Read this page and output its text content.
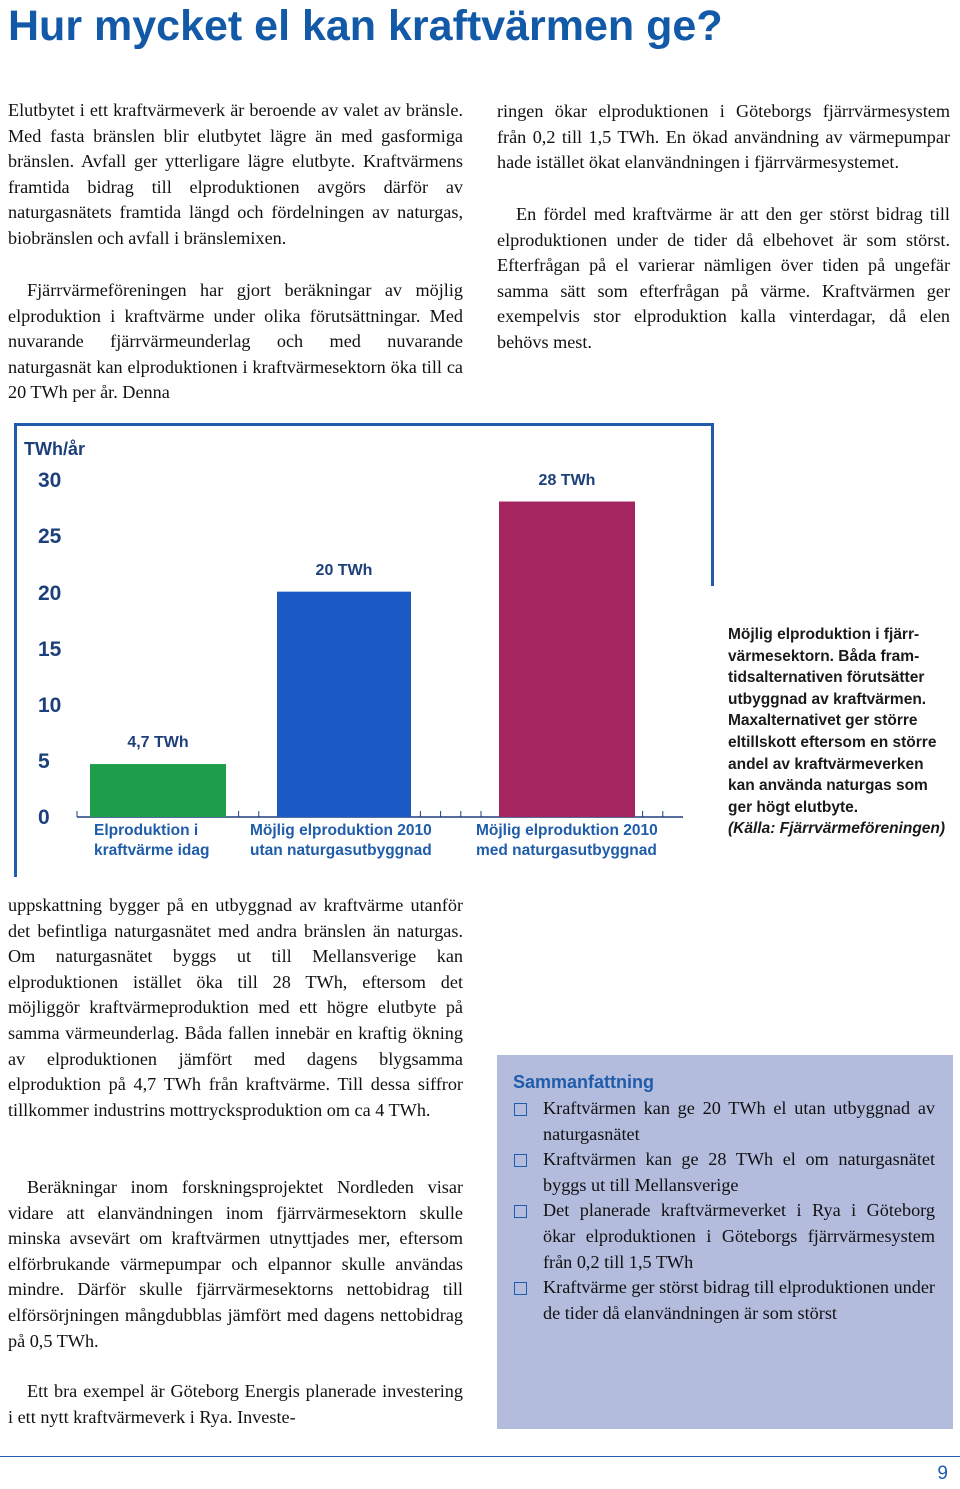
Hur mycket el kan kraftvärmen ge?

Elutbytet i ett kraftvärmeverk är beroende av valet av bränsle. Med fasta bränslen blir elutbytet lägre än med gasformiga bränslen. Avfall ger ytterligare lägre elutbyte. Kraftvärmens framtida bidrag till elproduktionen avgörs därför av naturgasnätets framtida längd och fördelningen av naturgas, biobränslen och avfall i bränslemixen.

Fjärrvärmeföreningen har gjort beräkningar av möjlig elproduktion i kraftvärme under olika förutsättningar. Med nuvarande fjärrvärmeunderlag och med nuvarande naturgasnät kan elproduktionen i kraftvärmesektorn öka till ca 20 TWh per år. Denna

ringen ökar elproduktionen i Göteborgs fjärrvärmesystem från 0,2 till 1,5 TWh. En ökad användning av värmepumpar hade istället ökat elanvändningen i fjärrvärmesystemet.

En fördel med kraftvärme är att den ger störst bidrag till elproduktionen under de tider då elbehovet är som störst. Efterfrågan på el varierar nämligen över tiden på ungefär samma sätt som efterfrågan på värme. Kraftvärmen ger exempelvis stor elproduktion kalla vinterdagar, då elen behövs mest.

TWh/år
0
5
10
15
20
25
30
4,7 TWh
20 TWh
28 TWh
Elproduktion i
kraftvärme idag
Möjlig elproduktion 2010
utan naturgasutbyggnad
Möjlig elproduktion 2010
med naturgasutbyggnad

Möjlig elproduktion i fjärrvärmesektorn. Båda framtidsalternativen förutsätter utbyggnad av kraftvärmen. Maxalternativet ger större eltillskott eftersom en större andel av kraftvärmeverken kan använda naturgas som ger högt elutbyte.
(Källa: Fjärrvärmeföreningen)

uppskattning bygger på en utbyggnad av kraftvärme utanför det befintliga naturgasnätet med andra bränslen än naturgas. Om naturgasnätet byggs ut till Mellansverige kan elproduktionen istället öka till 28 TWh, eftersom det möjliggör kraftvärmeproduktion med ett högre elutbyte på samma värmeunderlag. Båda fallen innebär en kraftig ökning av elproduktionen jämfört med dagens blygsamma elproduktion på 4,7 TWh från kraftvärme. Till dessa siffror tillkommer industrins mottrycksproduktion om ca 4 TWh.

Beräkningar inom forskningsprojektet Nordleden visar vidare att elanvändningen inom fjärrvärmesektorn skulle minska avsevärt om kraftvärmen utnyttjades mer, eftersom elförbrukande värmepumpar och elpannor skulle användas mindre. Därför skulle fjärrvärmesektorns nettobidrag till elförsörjningen mångdubblas jämfört med dagens nettobidrag på 0,5 TWh.

Ett bra exempel är Göteborg Energis planerade investering i ett nytt kraftvärmeverk i Rya. Investe-

Sammanfattning
Kraftvärmen kan ge 20 TWh el utan utbyggnad av naturgasnätet
Kraftvärmen kan ge 28 TWh el om naturgasnätet byggs ut till Mellansverige
Det planerade kraftvärmeverket i Rya i Göteborg ökar elproduktionen i Göteborgs fjärrvärmesystem från 0,2 till 1,5 TWh
Kraftvärme ger störst bidrag till elproduktionen under de tider då elanvändningen är som störst
9
